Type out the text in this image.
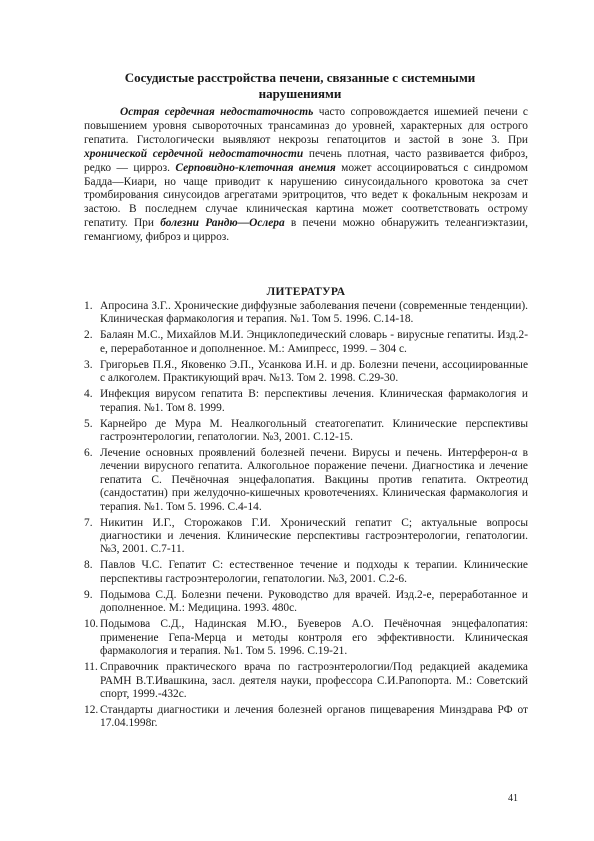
Сосудистые расстройства печени, связанные с системными нарушениями

Острая сердечная недостаточность часто сопровождается ишемией печени с повышением уровня сывороточных трансаминаз до уровней, характерных для острого гепатита. Гистологически выявляют некрозы гепатоцитов и застой в зоне 3. При хронической сердечной недостаточности печень плотная, часто развивается фиброз, редко — цирроз. Серповидно-клеточная анемия может ассоциироваться с синдромом Бадда—Киари, но чаще приводит к нарушению синусоидального кровотока за счет тромбирования синусоидов агрегатами эритроцитов, что ведет к фокальным некрозам и застою. В последнем случае клиническая картина может соответствовать острому гепатиту. При болезни Рандю—Ослера в печени можно обнаружить телеангиэктазии, гемангиому, фиброз и цирроз.

ЛИТЕРАТУРА
1. Апросина З.Г.. Хронические диффузные заболевания печени (современные тенденции). Клиническая фармакология и терапия. №1. Том 5. 1996. С.14-18.
2. Балаян М.С., Михайлов М.И. Энциклопедический словарь - вирусные гепатиты. Изд.2-е, переработанное и дополненное. М.: Амипресс, 1999. – 304 с.
3. Григорьев П.Я., Яковенко Э.П., Усанкова И.Н. и др. Болезни печени, ассоциированные с алкоголем. Практикующий врач. №13. Том 2. 1998. С.29-30.
4. Инфекция вирусом гепатита В: перспективы лечения. Клиническая фармакология и терапия. №1. Том 8. 1999.
5. Карнейро де Мура М. Неалкогольный стеатогепатит. Клинические перспективы гастроэнтерологии, гепатологии. №3, 2001. С.12-15.
6. Лечение основных проявлений болезней печени. Вирусы и печень. Интерферон-α в лечении вирусного гепатита. Алкогольное поражение печени. Диагностика и лечение гепатита С. Печёночная энцефалопатия. Вакцины против гепатита. Октреотид (сандостатин) при желудочно-кишечных кровотечениях. Клиническая фармакология и терапия. №1. Том 5. 1996. С.4-14.
7. Никитин И.Г., Сторожаков Г.И. Хронический гепатит С; актуальные вопросы диагностики и лечения. Клинические перспективы гастроэнтерологии, гепатологии. №3, 2001. С.7-11.
8. Павлов Ч.С. Гепатит С: естественное течение и подходы к терапии. Клинические перспективы гастроэнтерологии, гепатологии. №3, 2001. С.2-6.
9. Подымова С.Д. Болезни печени. Руководство для врачей. Изд.2-е, переработанное и дополненное. М.: Медицина. 1993. 480с.
10. Подымова С.Д., Надинская М.Ю., Буеверов А.О. Печёночная энцефалопатия: применение Гепа-Мерца и методы контроля его эффективности. Клиническая фармакология и терапия. №1. Том 5. 1996. С.19-21.
11. Справочник практического врача по гастроэнтерологии/Под редакцией академика РАМН В.Т.Ивашкина, засл. деятеля науки, профессора С.И.Рапопорта. М.: Советский спорт, 1999.-432с.
12. Стандарты диагностики и лечения болезней органов пищеварения Минздрава РФ от 17.04.1998г.
41
